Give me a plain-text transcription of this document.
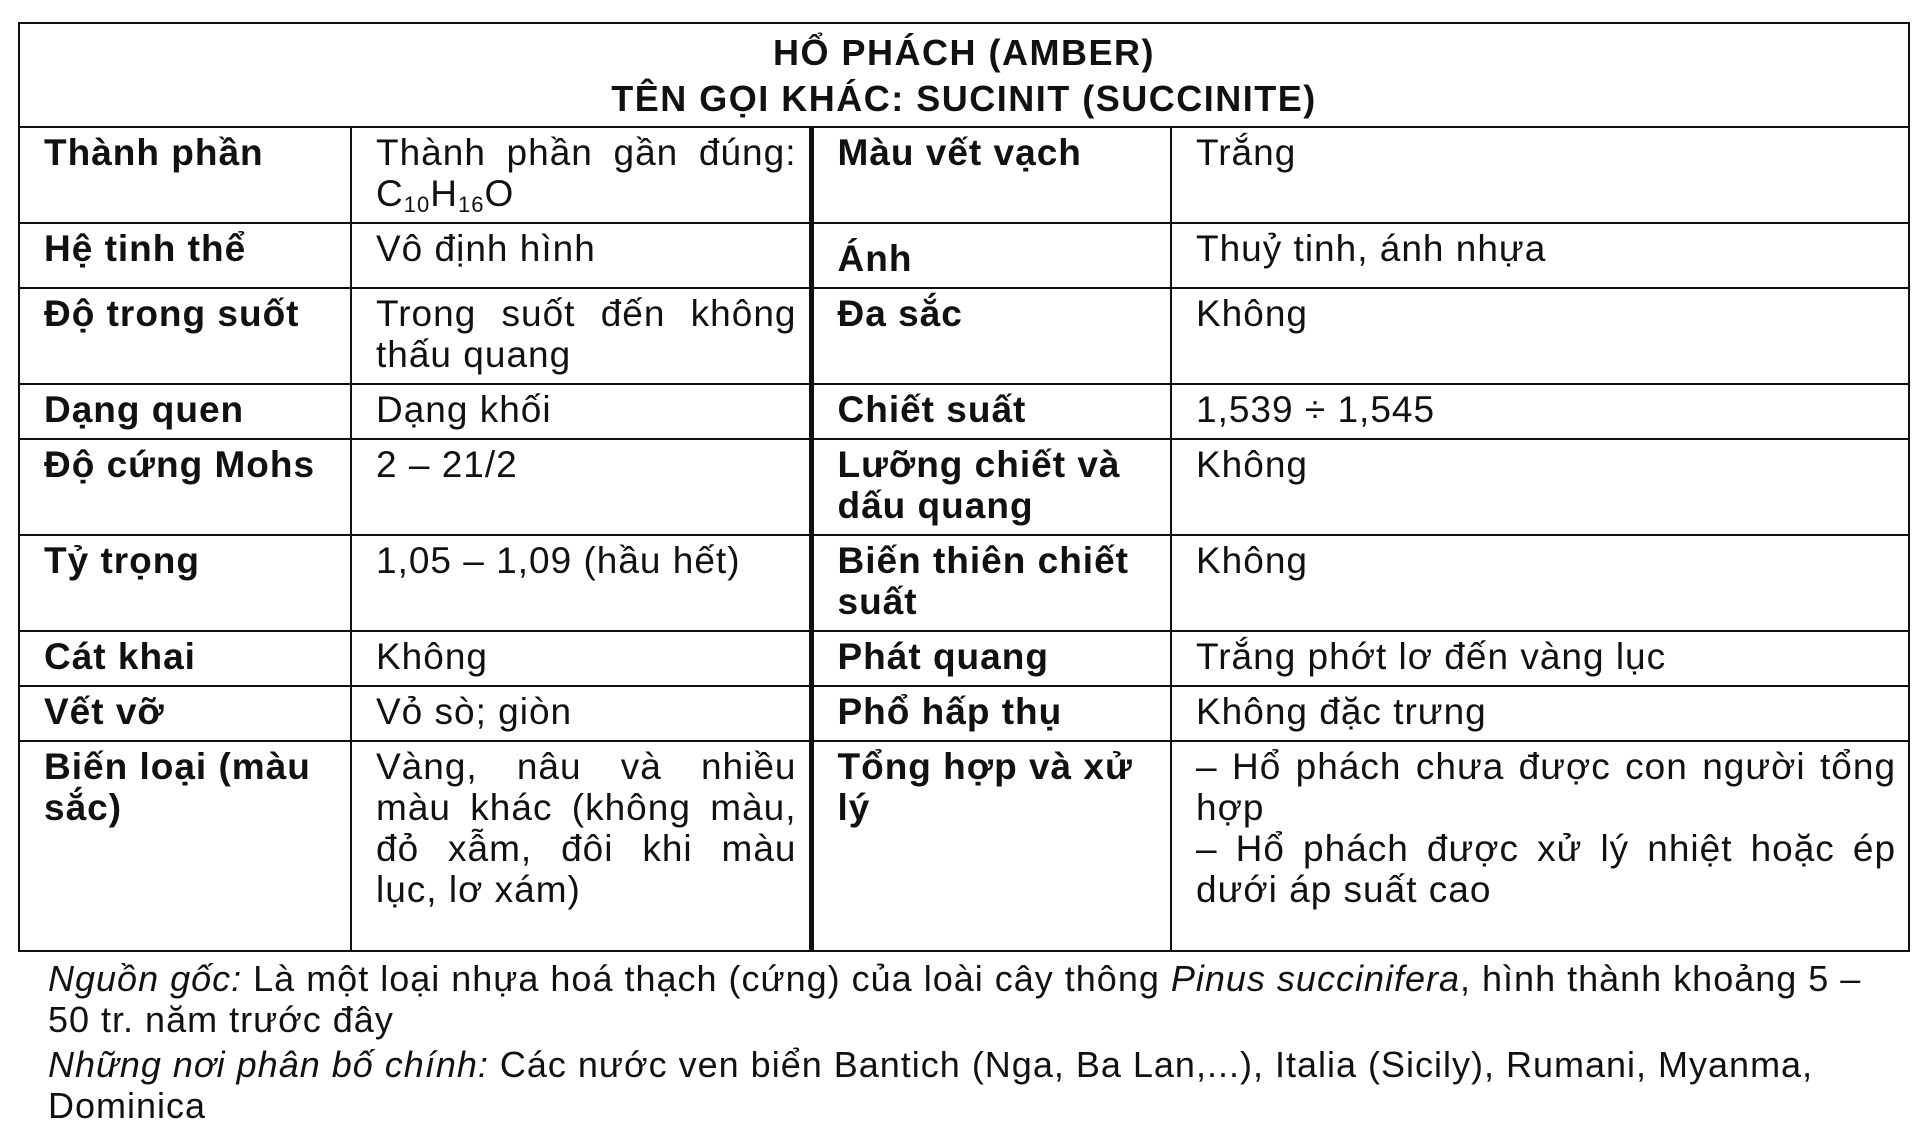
HỔ PHÁCH (AMBER)
TÊN GỌI KHÁC: SUCINIT (SUCCINITE)			

Thành phần	Thành phần gần đúng: $C_{10}H_{16}O$	Màu vết vạch	Trắng
Hệ tinh thể	Vô định hình	Ánh	Thuỷ tinh, ánh nhựa
Độ trong suốt	Trong suốt đến không thấu quang	Đa sắc	Không
Dạng quen	Dạng khối	Chiết suất	1,539 ÷ 1,545
Độ cứng Mohs	2 – 21/2	Lưỡng chiết và dấu quang	Không
Tỷ trọng	1,05 – 1,09 (hầu hết)	Biến thiên chiết suất	Không
Cát khai	Không	Phát quang	Trắng phớt lơ đến vàng lục
Vết vỡ	Vỏ sò; giòn	Phổ hấp thụ	Không đặc trưng
Biến loại (màu sắc)	Vàng, nâu và nhiều màu khác (không màu, đỏ xẫm, đôi khi màu lục, lơ xám)	Tổng hợp và xử lý	– Hổ phách chưa được con người tổng hợp
– Hổ phách được xử lý nhiệt hoặc ép dưới áp suất cao
Nguồn gốc: Là một loại nhựa hoá thạch (cứng) của loài cây thông Pinus succinifera, hình thành khoảng 5 – 50 tr. năm trước đây
Những nơi phân bố chính: Các nước ven biển Bantich (Nga, Ba Lan,...), Italia (Sicily), Rumani, Myanma, Dominica
